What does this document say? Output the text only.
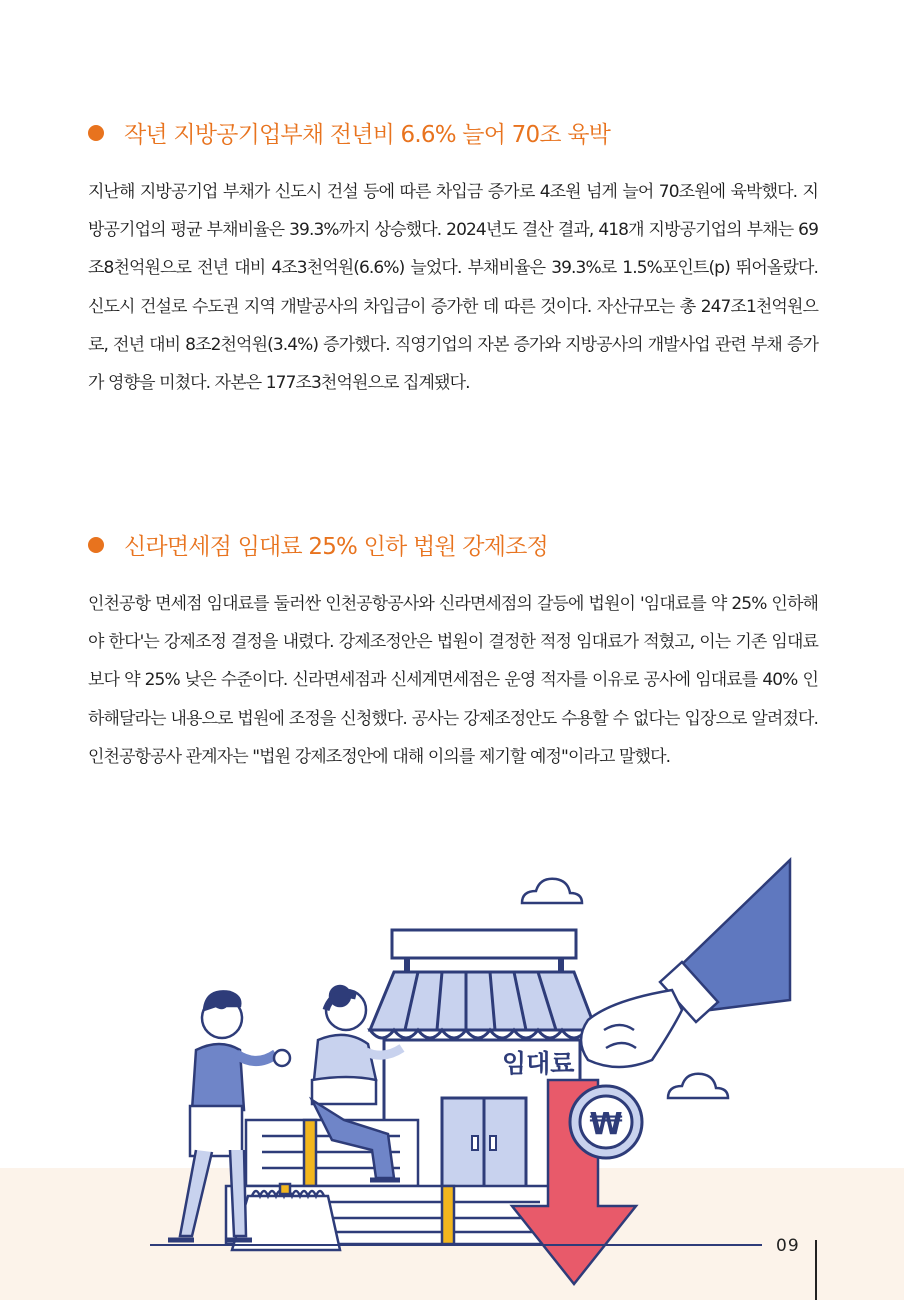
작년 지방공기업부채 전년비 6.6% 늘어 70조 육박
지난해 지방공기업 부채가 신도시 건설 등에 따른 차입금 증가로 4조원 넘게 늘어 70조원에 육박했다. 지방공기업의 평균 부채비율은 39.3%까지 상승했다. 2024년도 결산 결과, 418개 지방공기업의 부채는 69조8천억원으로 전년 대비 4조3천억원(6.6%) 늘었다. 부채비율은 39.3%로 1.5%포인트(p) 뛰어올랐다. 신도시 건설로 수도권 지역 개발공사의 차입금이 증가한 데 따른 것이다. 자산규모는 총 247조1천억원으로, 전년 대비 8조2천억원(3.4%) 증가했다. 직영기업의 자본 증가와 지방공사의 개발사업 관련 부채 증가가 영향을 미쳤다. 자본은 177조3천억원으로 집계됐다.
신라면세점 임대료 25% 인하 법원 강제조정
인천공항 면세점 임대료를 둘러싼 인천공항공사와 신라면세점의 갈등에 법원이 '임대료를 약 25% 인하해야 한다'는 강제조정 결정을 내렸다. 강제조정안은 법원이 결정한 적정 임대료가 적혔고, 이는 기존 임대료보다 약 25% 낮은 수준이다. 신라면세점과 신세계면세점은 운영 적자를 이유로 공사에 임대료를 40% 인하해달라는 내용으로 법원에 조정을 신청했다. 공사는 강제조정안도 수용할 수 없다는 입장으로 알려졌다. 인천공항공사 관계자는 "법원 강제조정안에 대해 이의를 제기할 예정"이라고 말했다.
임대료
₩
09
